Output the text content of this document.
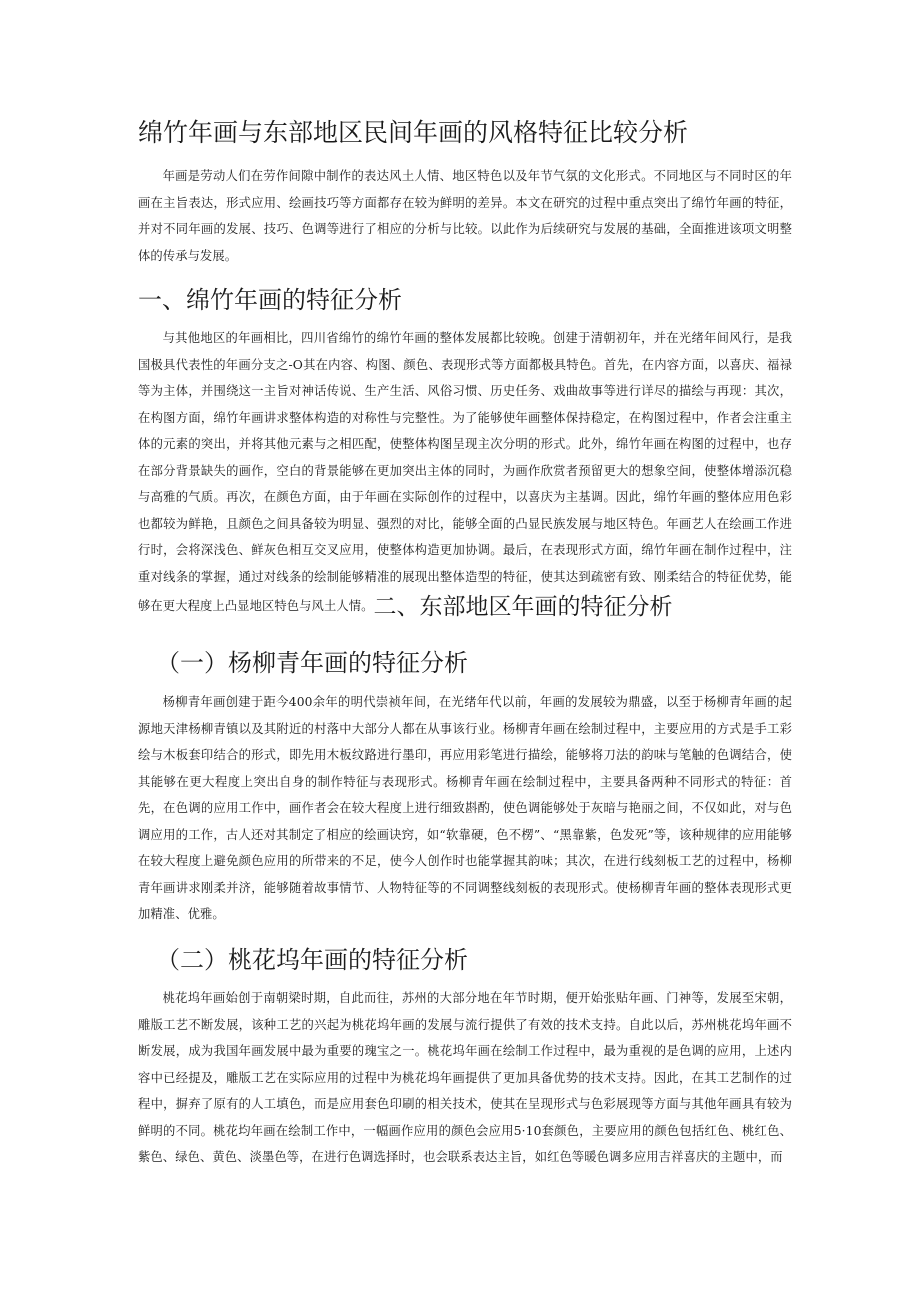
绵竹年画与东部地区民间年画的风格特征比较分析

年画是劳动人们在劳作间隙中制作的表达风土人情、地区特色以及年节气氛的文化形式。不同地区与不同时区的年画在主旨表达，形式应用、绘画技巧等方面都存在较为鲜明的差异。本文在研究的过程中重点突出了绵竹年画的特征，并对不同年画的发展、技巧、色调等进行了相应的分析与比较。以此作为后续研究与发展的基础，全面推进该项文明整体的传承与发展。

一、绵竹年画的特征分析

与其他地区的年画相比，四川省绵竹的绵竹年画的整体发展都比较晚。创建于清朝初年，并在光绪年间风行，是我国极具代表性的年画分支之-O其在内容、构图、颜色、表现形式等方面都极具特色。首先，在内容方面，以喜庆、福禄等为主体，并围绕这一主旨对神话传说、生产生活、风俗习惯、历史任务、戏曲故事等进行详尽的描绘与再现：其次，在构图方面，绵竹年画讲求整体构造的对称性与完整性。为了能够使年画整体保持稳定，在构图过程中，作者会注重主体的元素的突出，并将其他元素与之相匹配，使整体构图呈现主次分明的形式。此外，绵竹年画在构图的过程中，也存在部分背景缺失的画作，空白的背景能够在更加突出主体的同时，为画作欣赏者预留更大的想象空间，使整体增添沉稳与高雅的气质。再次，在颜色方面，由于年画在实际创作的过程中，以喜庆为主基调。因此，绵竹年画的整体应用色彩也都较为鲜艳，且颜色之间具备较为明显、强烈的对比，能够全面的凸显民族发展与地区特色。年画艺人在绘画工作进行时，会将深浅色、鲜灰色相互交叉应用，使整体构造更加协调。最后，在表现形式方面，绵竹年画在制作过程中，注重对线条的掌握，通过对线条的绘制能够精准的展现出整体造型的特征，使其达到疏密有致、刚柔结合的特征优势，能够在更大程度上凸显地区特色与风土人情。二、东部地区年画的特征分析

（一）杨柳青年画的特征分析

杨柳青年画创建于距今400余年的明代崇祯年间，在光绪年代以前，年画的发展较为鼎盛，以至于杨柳青年画的起源地天津杨柳青镇以及其附近的村落中大部分人都在从事该行业。杨柳青年画在绘制过程中，主要应用的方式是手工彩绘与木板套印结合的形式，即先用木板纹路进行墨印，再应用彩笔进行描绘，能够将刀法的韵味与笔触的色调结合，使其能够在更大程度上突出自身的制作特征与表现形式。杨柳青年画在绘制过程中，主要具备两种不同形式的特征：首先，在色调的应用工作中，画作者会在较大程度上进行细致斟酌，使色调能够处于灰暗与艳丽之间，不仅如此，对与色调应用的工作，古人还对其制定了相应的绘画诀窍，如“软靠硬，色不楞”、“黑靠紫，色发死”等，该种规律的应用能够在较大程度上避免颜色应用的所带来的不足，使今人创作时也能掌握其韵味；其次，在进行线刻板工艺的过程中，杨柳青年画讲求刚柔并济，能够随着故事情节、人物特征等的不同调整线刻板的表现形式。使杨柳青年画的整体表现形式更加精准、优雅。

（二）桃花坞年画的特征分析

桃花坞年画始创于南朝梁时期，自此而往，苏州的大部分地在年节时期，便开始张贴年画、门神等，发展至宋朝，雕版工艺不断发展，该种工艺的兴起为桃花坞年画的发展与流行提供了有效的技术支持。自此以后，苏州桃花坞年画不断发展，成为我国年画发展中最为重要的瑰宝之一。桃花坞年画在绘制工作过程中，最为重视的是色调的应用，上述内容中已经提及，雕版工艺在实际应用的过程中为桃花坞年画提供了更加具备优势的技术支持。因此，在其工艺制作的过程中，摒弃了原有的人工填色，而是应用套色印刷的相关技术，使其在呈现形式与色彩展现等方面与其他年画具有较为鲜明的不同。桃花均年画在绘制工作中，一幅画作应用的颜色会应用5·10套颜色，主要应用的颜色包括红色、桃红色、紫色、绿色、黄色、淡墨色等，在进行色调选择时，也会联系表达主旨，如红色等暖色调多应用吉祥喜庆的主题中，而
